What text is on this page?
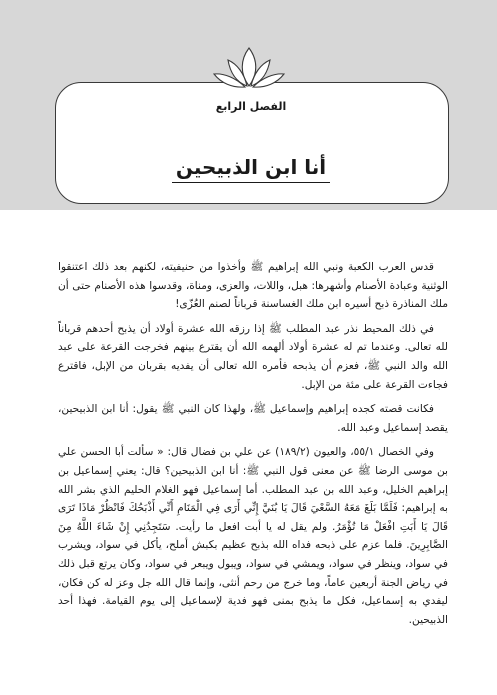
الفصل الرابع
أنا ابن الذبيحين

قدس العرب الكعبة ونبي الله إبراهيم ﷺ وأخذوا من حنيفيته، لكنهم بعد ذلك اعتنقوا الوثنية وعبادة الأصنام وأشهرها: هبل، واللات، والعزى، ومناة، وقدسوا هذه الأصنام حتى أن ملك المناذرة ذبح أسيره ابن ملك الغساسنة قرباناً لصنم العُزّى!

في ذلك المحيط نذر عبد المطلب ﷺ إذا رزقه الله عشرة أولاد أن يذبح أحدهم قرباناً لله تعالى. وعندما تم له عشرة أولاد ألهمه الله أن يقترع بينهم فخرجت القرعة على عبد الله والد النبي ﷺ، فعزم أن يذبحه فأمره الله تعالى أن يفديه بقربان من الإبل، فاقترع فجاءت القرعة على مئة من الإبل.

فكانت قصته كجده إبراهيم وإسماعيل ﷺ، ولهذا كان النبي ﷺ يقول: أنا ابن الذبيحين، يقصد إسماعيل وعبد الله.

وفي الخصال ٥٥/١، والعيون (١٨٩/٢) عن علي بن فضال قال: « سألت أبا الحسن علي بن موسى الرضا ﷺ عن معنى قول النبي ﷺ: أنا ابن الذبيحين؟ قال: يعني إسماعيل بن إبراهيم الخليل، وعبد الله بن عبد المطلب. أما إسماعيل فهو الغلام الحليم الذي بشر الله به إبراهيم: فَلَمَّا بَلَغَ مَعَهُ السَّعْيَ قَالَ يَا بُنَيَّ إِنِّي أَرَى فِي الْمَنَامِ أَنِّي أَذْبَحُكَ فَانْظُرْ مَاذَا تَرَى قَالَ يَا أَبَتِ افْعَلْ مَا تُؤْمَرُ. ولم يقل له يا أبت افعل ما رأيت. سَتَجِدُنِي إِنْ شَاءَ اللَّهُ مِنَ الصَّابِرِينَ. فلما عزم على ذبحه فداه الله بذبح عظيم بكبش أملح، يأكل في سواد، ويشرب في سواد، وينظر في سواد، ويمشي في سواد، ويبول ويبعر في سواد، وكان يرتع قبل ذلك في رياض الجنة أربعين عاماً، وما خرج من رحم أنثى، وإنما قال الله جل وعز له كن فكان، ليفدي به إسماعيل، فكل ما يذبح بمنى فهو فدية لإسماعيل إلى يوم القيامة. فهذا أحد الذبيحين.
